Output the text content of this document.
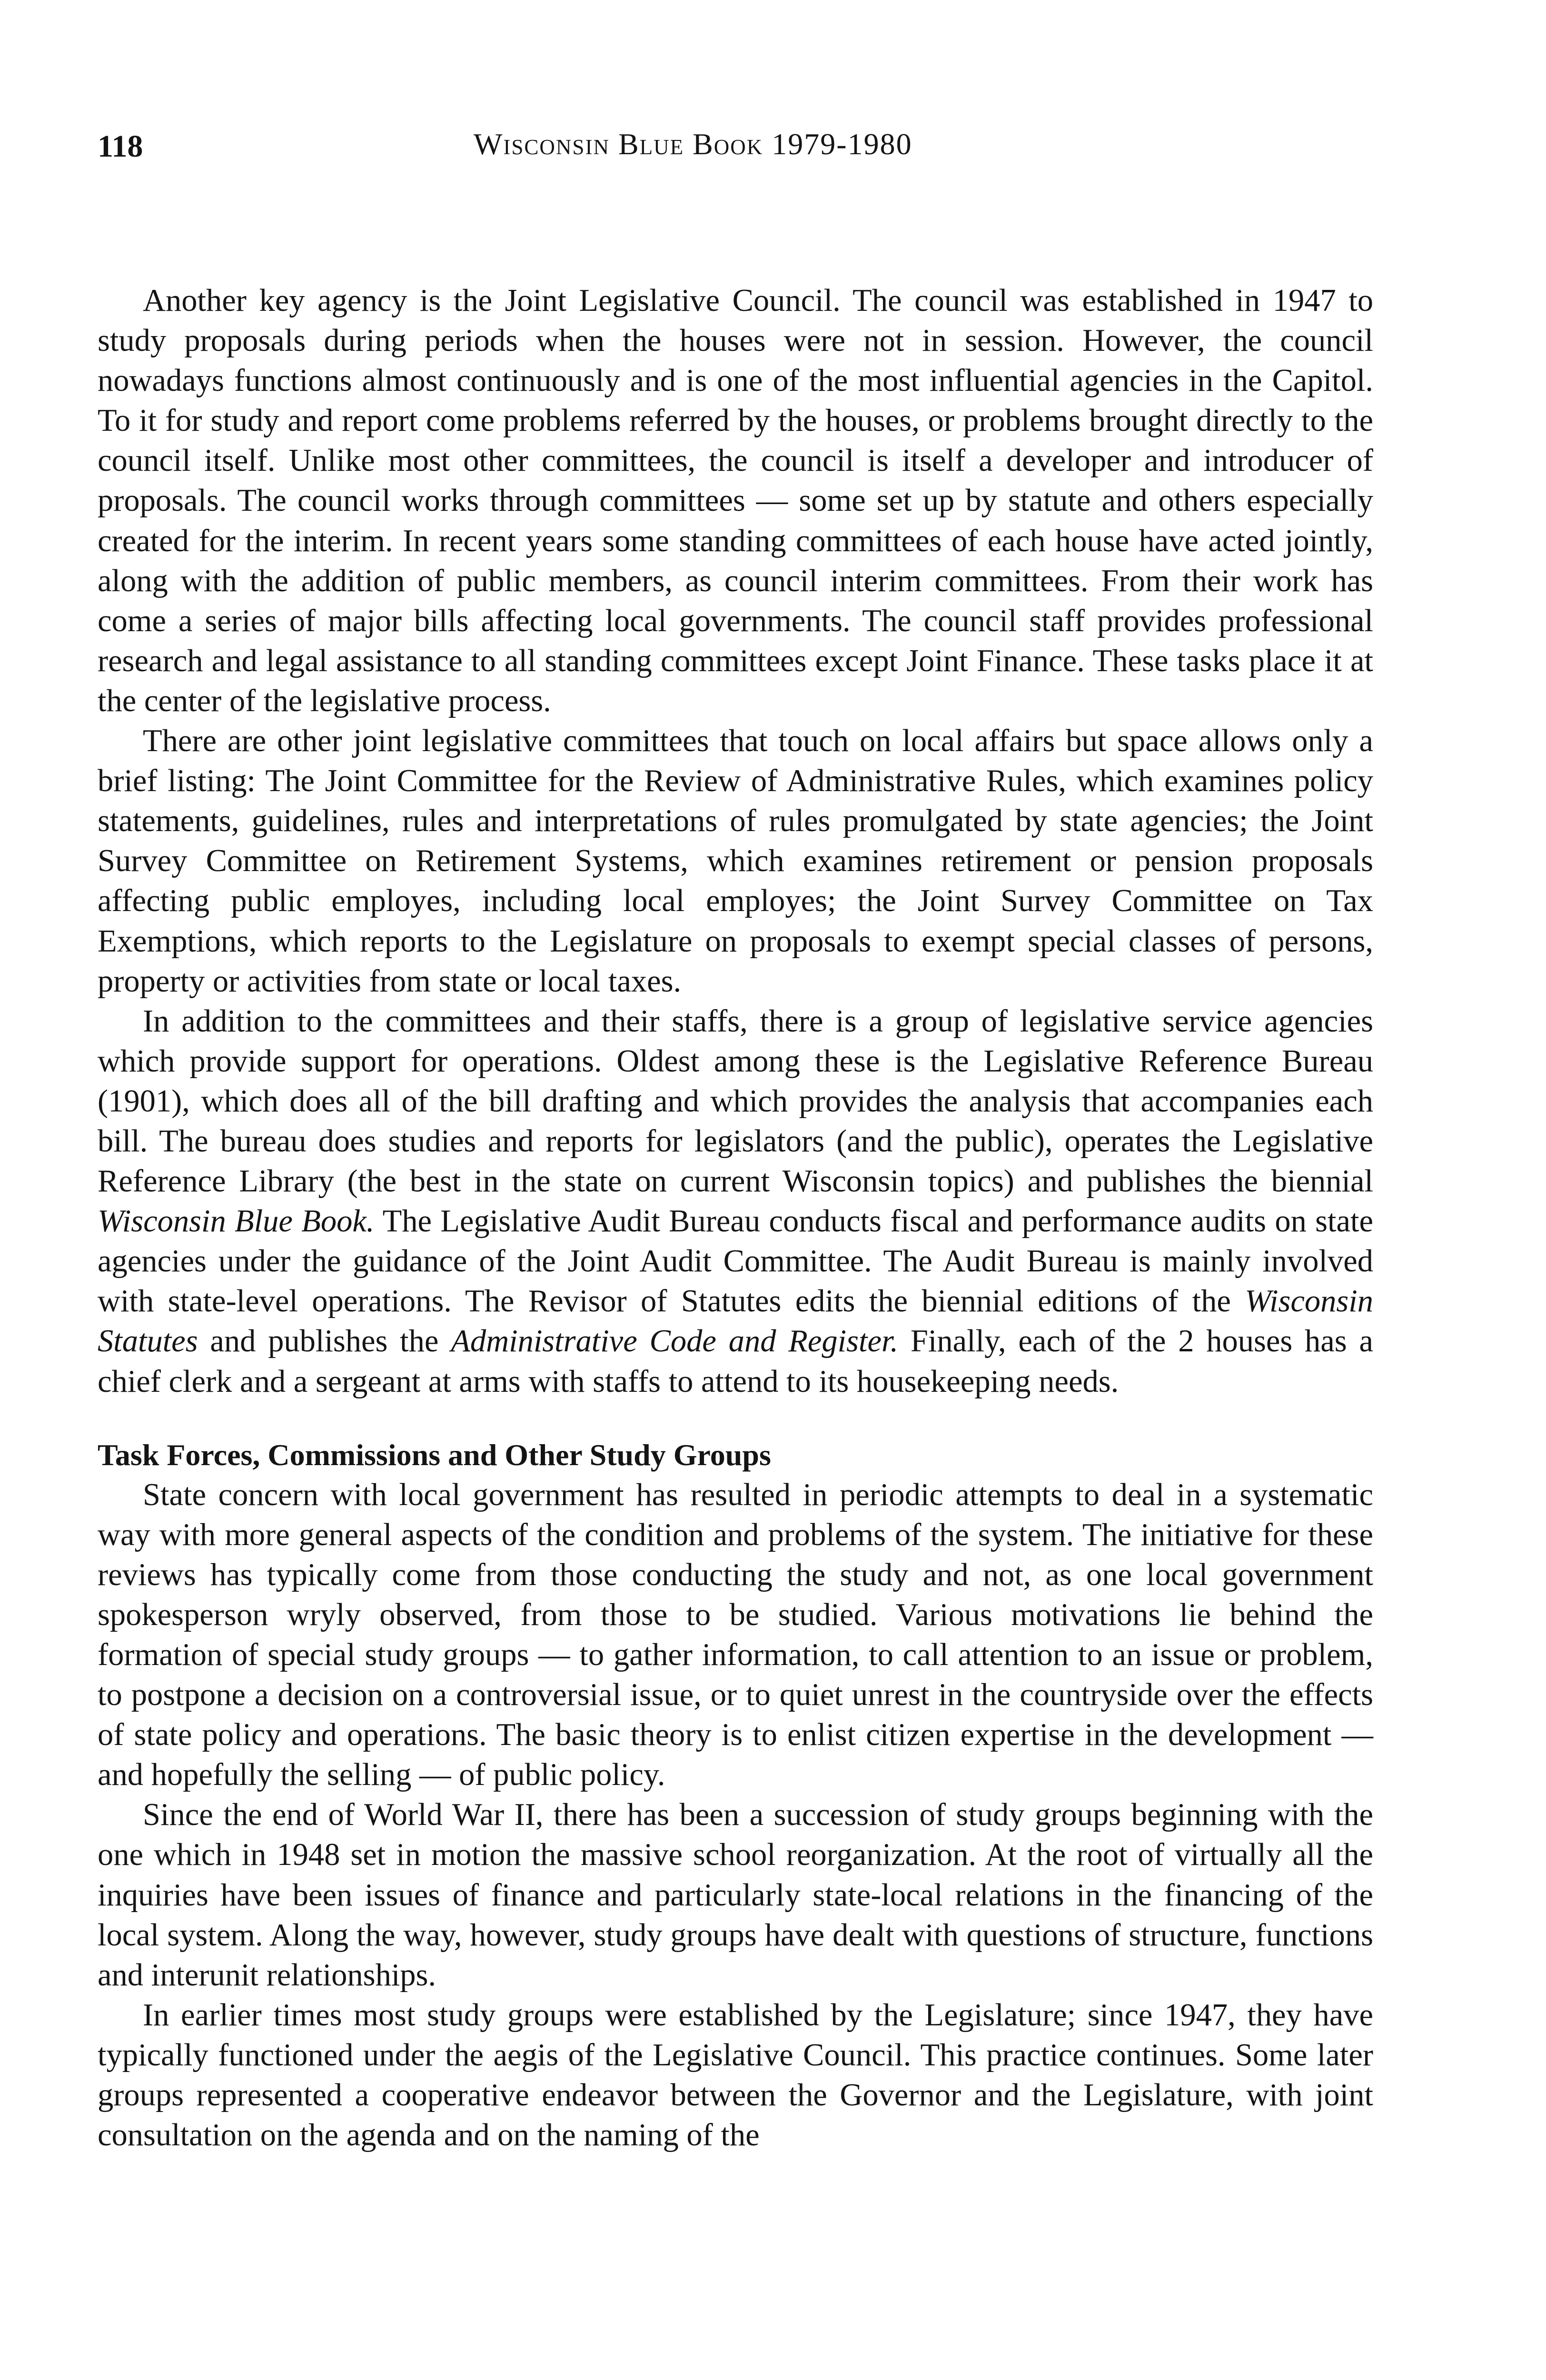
118	Wisconsin Blue Book 1979-1980

Another key agency is the Joint Legislative Council. The council was established in 1947 to study proposals during periods when the houses were not in session. However, the council nowadays functions almost continuously and is one of the most influential agencies in the Capitol. To it for study and report come problems referred by the houses, or problems brought directly to the council itself. Unlike most other committees, the council is itself a developer and introducer of proposals. The council works through committees — some set up by statute and others especially created for the interim. In recent years some standing committees of each house have acted jointly, along with the addition of public members, as council interim committees. From their work has come a series of major bills affecting local governments. The council staff provides professional research and legal assistance to all standing committees except Joint Finance. These tasks place it at the center of the legislative process.

There are other joint legislative committees that touch on local affairs but space allows only a brief listing: The Joint Committee for the Review of Administrative Rules, which examines policy statements, guidelines, rules and interpretations of rules promulgated by state agencies; the Joint Survey Committee on Retirement Systems, which examines retirement or pension proposals affecting public employes, including local employes; the Joint Survey Committee on Tax Exemptions, which reports to the Legislature on proposals to exempt special classes of persons, property or activities from state or local taxes.

In addition to the committees and their staffs, there is a group of legislative service agencies which provide support for operations. Oldest among these is the Legislative Reference Bureau (1901), which does all of the bill drafting and which provides the analysis that accompanies each bill. The bureau does studies and reports for legislators (and the public), operates the Legislative Reference Library (the best in the state on current Wisconsin topics) and publishes the biennial Wisconsin Blue Book. The Legislative Audit Bureau conducts fiscal and performance audits on state agencies under the guidance of the Joint Audit Committee. The Audit Bureau is mainly involved with state-level operations. The Revisor of Statutes edits the biennial editions of the Wisconsin Statutes and publishes the Administrative Code and Register. Finally, each of the 2 houses has a chief clerk and a sergeant at arms with staffs to attend to its housekeeping needs.

Task Forces, Commissions and Other Study Groups

State concern with local government has resulted in periodic attempts to deal in a systematic way with more general aspects of the condition and problems of the system. The initiative for these reviews has typically come from those conducting the study and not, as one local government spokesperson wryly observed, from those to be studied. Various motivations lie behind the formation of special study groups — to gather information, to call attention to an issue or problem, to postpone a decision on a controversial issue, or to quiet unrest in the countryside over the effects of state policy and operations. The basic theory is to enlist citizen expertise in the development — and hopefully the selling — of public policy.

Since the end of World War II, there has been a succession of study groups beginning with the one which in 1948 set in motion the massive school reorganization. At the root of virtually all the inquiries have been issues of finance and particularly state-local relations in the financing of the local system. Along the way, however, study groups have dealt with questions of structure, functions and interunit relationships.

In earlier times most study groups were established by the Legislature; since 1947, they have typically functioned under the aegis of the Legislative Council. This practice continues. Some later groups represented a cooperative endeavor between the Governor and the Legislature, with joint consultation on the agenda and on the naming of the
